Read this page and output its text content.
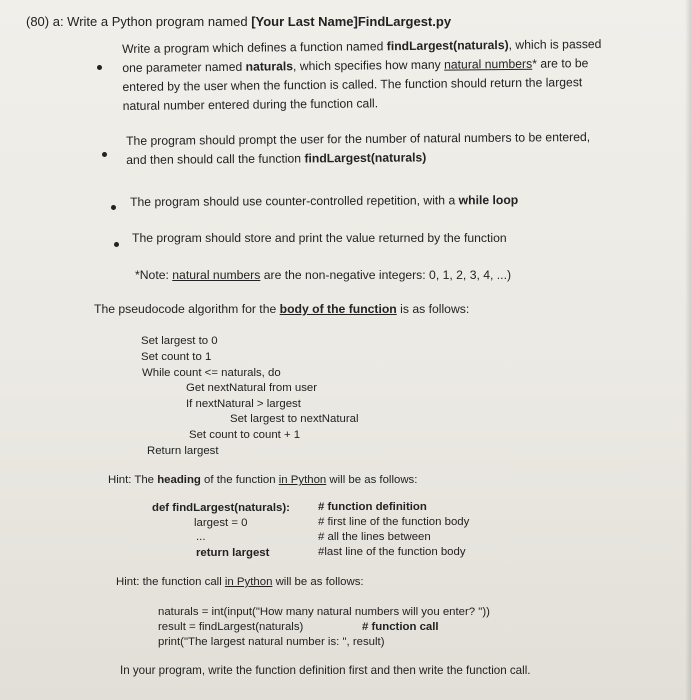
(80) a: Write a Python program named [Your Last Name]FindLargest.py
Write a program which defines a function named findLargest(naturals), which is passed
one parameter named naturals, which specifies how many natural numbers* are to be
entered by the user when the function is called. The function should return the largest
natural number entered during the function call.
The program should prompt the user for the number of natural numbers to be entered,
and then should call the function findLargest(naturals)
The program should use counter-controlled repetition, with a while loop
The program should store and print the value returned by the function
*Note: natural numbers are the non-negative integers: 0, 1, 2, 3, 4, ...)
The pseudocode algorithm for the body of the function is as follows:
Set largest to 0
Set count to 1
While count <= naturals, do
Get nextNatural from user
If nextNatural > largest
Set largest to nextNatural
Set count to count + 1
Return largest
Hint: The heading of the function in Python will be as follows:
def findLargest(naturals):
largest = 0
...
return largest
# function definition
# first line of the function body
# all the lines between
#last line of the function body
Hint: the function call in Python will be as follows:
naturals = int(input("How many natural numbers will you enter? "))
result = findLargest(naturals)	# function call
print("The largest natural number is: ", result)
In your program, write the function definition first and then write the function call.
